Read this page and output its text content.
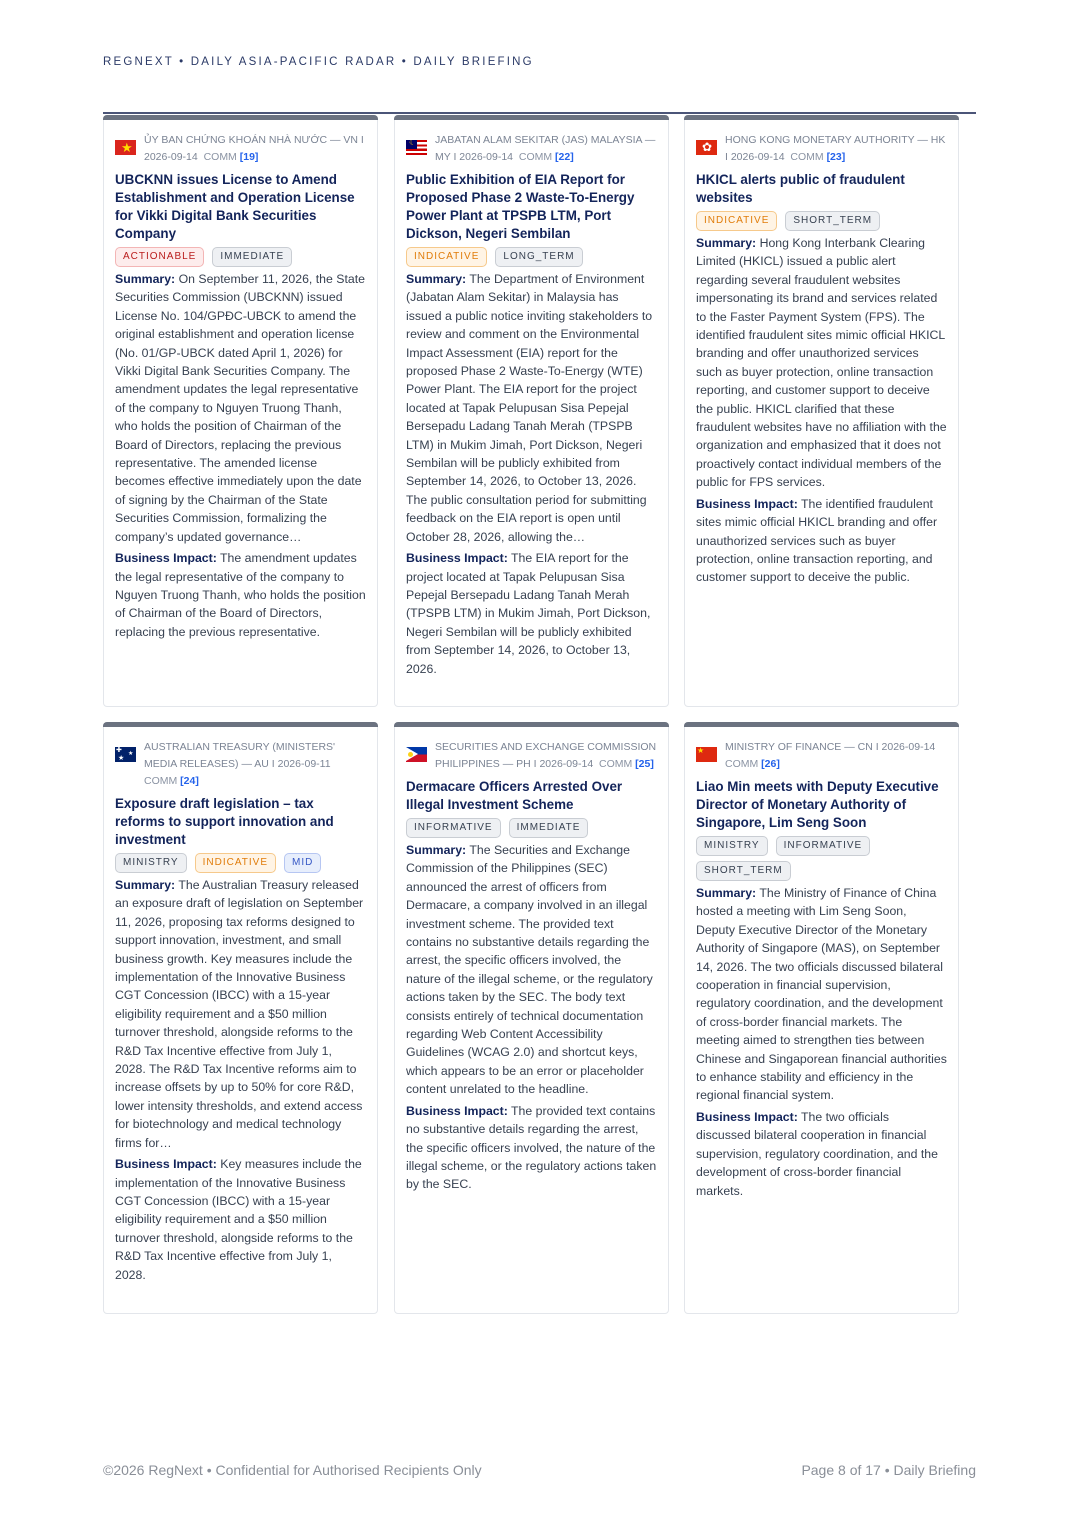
REGNEXT • DAILY ASIA-PACIFIC RADAR • DAILY BRIEFING
★ ỦY BAN CHỨNG KHOÁN NHÀ NƯỚC — VN I 2026-09-14 COMM [19]
UBCKNN issues License to Amend Establishment and Operation License for Vikki Digital Bank Securities Company
ACTIONABLE	IMMEDIATE
Summary: On September 11, 2026, the State Securities Commission (UBCKNN) issued License No. 104/GPĐC-UBCK to amend the original establishment and operation license (No. 01/GP-UBCK dated April 1, 2026) for Vikki Digital Bank Securities Company. The amendment updates the legal representative of the company to Nguyen Truong Thanh, who holds the position of Chairman of the Board of Directors, replacing the previous representative. The amended license becomes effective immediately upon the date of signing by the Chairman of the State Securities Commission, formalizing the company’s updated governance…
Business Impact: The amendment updates the legal representative of the company to Nguyen Truong Thanh, who holds the position of Chairman of the Board of Directors, replacing the previous representative.
☾ JABATAN ALAM SEKITAR (JAS) MALAYSIA — MY I 2026-09-14 COMM [22]
Public Exhibition of EIA Report for Proposed Phase 2 Waste-To-Energy Power Plant at TPSPB LTM, Port Dickson, Negeri Sembilan
INDICATIVE	LONG_TERM
Summary: The Department of Environment (Jabatan Alam Sekitar) in Malaysia has issued a public notice inviting stakeholders to review and comment on the Environmental Impact Assessment (EIA) report for the proposed Phase 2 Waste-To-Energy (WTE) Power Plant. The EIA report for the project located at Tapak Pelupusan Sisa Pepejal Bersepadu Ladang Tanah Merah (TPSPB LTM) in Mukim Jimah, Port Dickson, Negeri Sembilan will be publicly exhibited from September 14, 2026, to October 13, 2026. The public consultation period for submitting feedback on the EIA report is open until October 28, 2026, allowing the…
Business Impact: The EIA report for the project located at Tapak Pelupusan Sisa Pepejal Bersepadu Ladang Tanah Merah (TPSPB LTM) in Mukim Jimah, Port Dickson, Negeri Sembilan will be publicly exhibited from September 14, 2026, to October 13, 2026.
✿ HONG KONG MONETARY AUTHORITY — HK I 2026-09-14 COMM [23]
HKICL alerts public of fraudulent websites
INDICATIVE	SHORT_TERM
Summary: Hong Kong Interbank Clearing Limited (HKICL) issued a public alert regarding several fraudulent websites impersonating its brand and services related to the Faster Payment System (FPS). The identified fraudulent sites mimic official HKICL branding and offer unauthorized services such as buyer protection, online transaction reporting, and customer support to deceive the public. HKICL clarified that these fraudulent websites have no affiliation with the organization and emphasized that it does not proactively contact individual members of the public for FPS services.
Business Impact: The identified fraudulent sites mimic official HKICL branding and offer unauthorized services such as buyer protection, online transaction reporting, and customer support to deceive the public.
✚ ★
★
AUSTRALIAN TREASURY (MINISTERS' MEDIA RELEASES) — AU I 2026-09-11  COMM [24]
Exposure draft legislation – tax reforms to support innovation and investment
MINISTRY	INDICATIVE	MID
Summary: The Australian Treasury released an exposure draft of legislation on September 11, 2026, proposing tax reforms designed to support innovation, investment, and small business growth. Key measures include the implementation of the Innovative Business CGT Concession (IBCC) with a 15-year eligibility requirement and a $50 million turnover threshold, alongside reforms to the R&D Tax Incentive effective from July 1, 2028. The R&D Tax Incentive reforms aim to increase offsets by up to 50% for core R&D, lower intensity thresholds, and extend access for biotechnology and medical technology firms for…
Business Impact: Key measures include the implementation of the Innovative Business CGT Concession (IBCC) with a 15-year eligibility requirement and a $50 million turnover threshold, alongside reforms to the R&D Tax Incentive effective from July 1, 2028.
SECURITIES AND EXCHANGE COMMISSION PHILIPPINES — PH I 2026-09-14 COMM [25]
Dermacare Officers Arrested Over Illegal Investment Scheme
INFORMATIVE	IMMEDIATE
Summary: The Securities and Exchange Commission of the Philippines (SEC) announced the arrest of officers from Dermacare, a company involved in an illegal investment scheme. The provided text contains no substantive details regarding the arrest, the specific officers involved, the nature of the illegal scheme, or the regulatory actions taken by the SEC. The body text consists entirely of technical documentation regarding Web Content Accessibility Guidelines (WCAG 2.0) and shortcut keys, which appears to be an error or placeholder content unrelated to the headline.
Business Impact: The provided text contains no substantive details regarding the arrest, the specific officers involved, the nature of the illegal scheme, or the regulatory actions taken by the SEC.
★ MINISTRY OF FINANCE — CN I 2026-09-14  COMM [26]
Liao Min meets with Deputy Executive Director of Monetary Authority of Singapore, Lim Seng Soon
MINISTRY	INFORMATIVE
SHORT_TERM
Summary: The Ministry of Finance of China hosted a meeting with Lim Seng Soon, Deputy Executive Director of the Monetary Authority of Singapore (MAS), on September 14, 2026. The two officials discussed bilateral cooperation in financial supervision, regulatory coordination, and the development of cross-border financial markets. The meeting aimed to strengthen ties between Chinese and Singaporean financial authorities to enhance stability and efficiency in the regional financial system.
Business Impact: The two officials discussed bilateral cooperation in financial supervision, regulatory coordination, and the development of cross-border financial markets.
©2026 RegNext • Confidential for Authorised Recipients Only	Page 8 of 17 • Daily Briefing
